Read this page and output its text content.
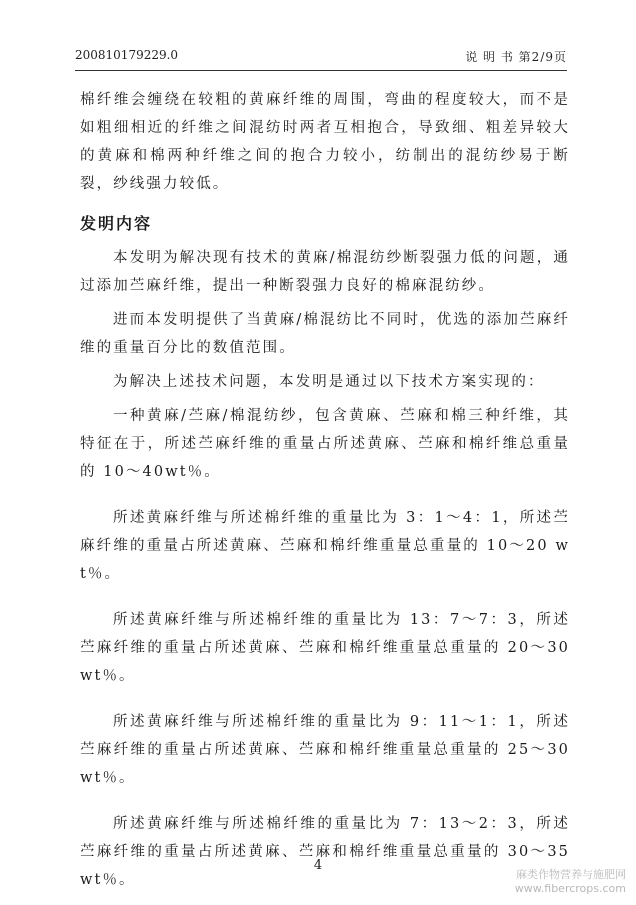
200810179229.0	说 明 书 第2/9页

棉纤维会缠绕在较粗的黄麻纤维的周围，弯曲的程度较大，而不是如粗细相近的纤维之间混纺时两者互相抱合，导致细、粗差异较大的黄麻和棉两种纤维之间的抱合力较小，纺制出的混纺纱易于断裂，纱线强力较低。

发明内容

本发明为解决现有技术的黄麻/棉混纺纱断裂强力低的问题，通过添加苎麻纤维，提出一种断裂强力良好的棉麻混纺纱。

进而本发明提供了当黄麻/棉混纺比不同时，优选的添加苎麻纤维的重量百分比的数值范围。

为解决上述技术问题，本发明是通过以下技术方案实现的：

一种黄麻/苎麻/棉混纺纱，包含黄麻、苎麻和棉三种纤维，其特征在于，所述苎麻纤维的重量占所述黄麻、苎麻和棉纤维总重量的 10～40wt％。

所述黄麻纤维与所述棉纤维的重量比为 3：1～4：1，所述苎麻纤维的重量占所述黄麻、苎麻和棉纤维重量总重量的 10～20 wt％。

所述黄麻纤维与所述棉纤维的重量比为 13：7～7：3，所述苎麻纤维的重量占所述黄麻、苎麻和棉纤维重量总重量的 20～30 wt％。

所述黄麻纤维与所述棉纤维的重量比为 9：11～1：1，所述苎麻纤维的重量占所述黄麻、苎麻和棉纤维重量总重量的 25～30 wt％。

所述黄麻纤维与所述棉纤维的重量比为 7：13～2：3，所述苎麻纤维的重量占所述黄麻、苎麻和棉纤维重量总重量的 30～35 wt％。

4
麻类作物营养与施肥网
www.fibercrops.com
